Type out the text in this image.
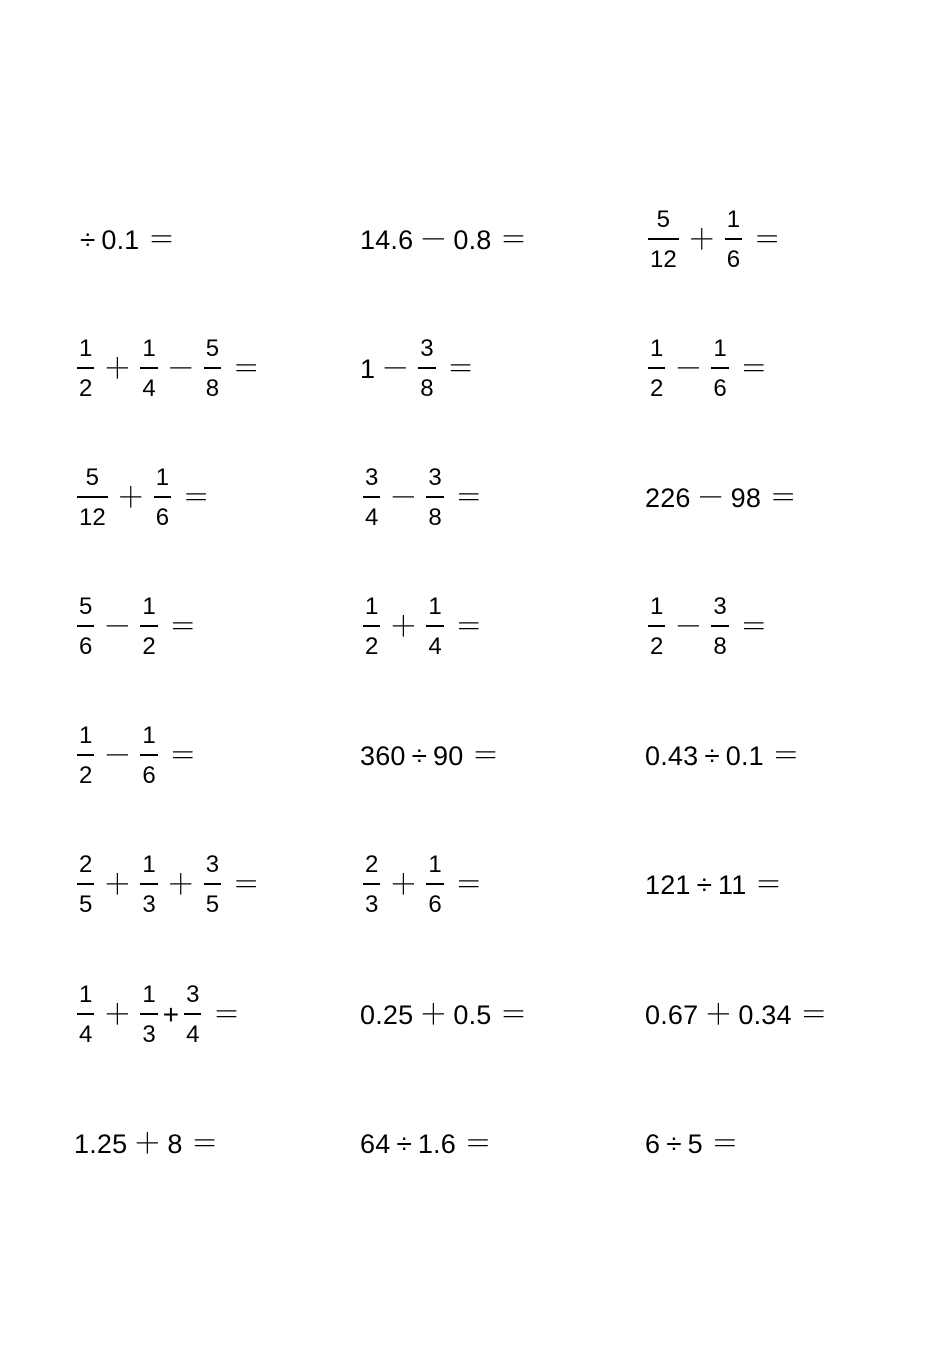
÷ 0.1 ＝	14.6 － 0.8 ＝	$\frac{5}{12} + \frac{1}{6}$ ＝
$\frac{1}{2} + \frac{1}{4} - \frac{5}{8}$ ＝	$1 - \frac{3}{8}$ ＝	$\frac{1}{2} - \frac{1}{6}$ ＝
$\frac{5}{12} + \frac{1}{6}$ ＝	$\frac{3}{4} - \frac{3}{8}$ ＝	226 － 98 ＝
$\frac{5}{6} - \frac{1}{2}$ ＝	$\frac{1}{2} + \frac{1}{4}$ ＝	$\frac{1}{2} - \frac{3}{8}$ ＝
$\frac{1}{2} - \frac{1}{6}$ ＝	360 ÷ 90 ＝	0.43 ÷ 0.1 ＝
$\frac{2}{5} + \frac{1}{3} + \frac{3}{5}$ ＝	$\frac{2}{3} + \frac{1}{6}$ ＝	121 ÷ 11 ＝
$\frac{1}{4} + \frac{1}{3} + \frac{3}{4}$ ＝	0.25 ＋ 0.5 ＝	0.67 ＋ 0.34 ＝
1.25 ＋ 8 ＝	64 ÷ 1.6 ＝	6 ÷ 5 ＝
